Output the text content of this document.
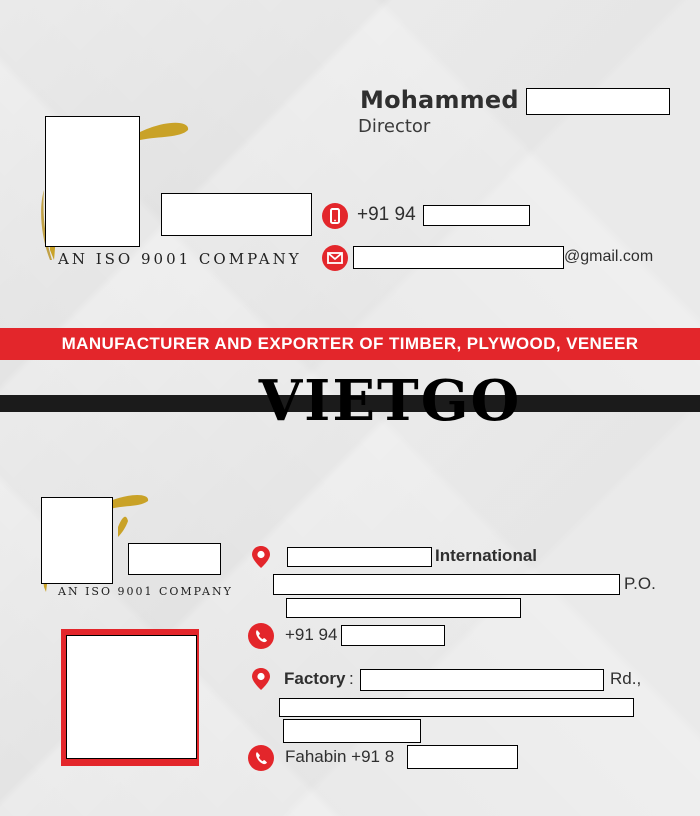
AN ISO 9001 COMPANY
Mohammed
Director
+91 94
@gmail.com
MANUFACTURER AND EXPORTER OF TIMBER, PLYWOOD, VENEER
AN ISO 9001 COMPANY
International
P.O.
+91 94
Factory :	Rd.,
Fahabin +91 8
VIETGO
